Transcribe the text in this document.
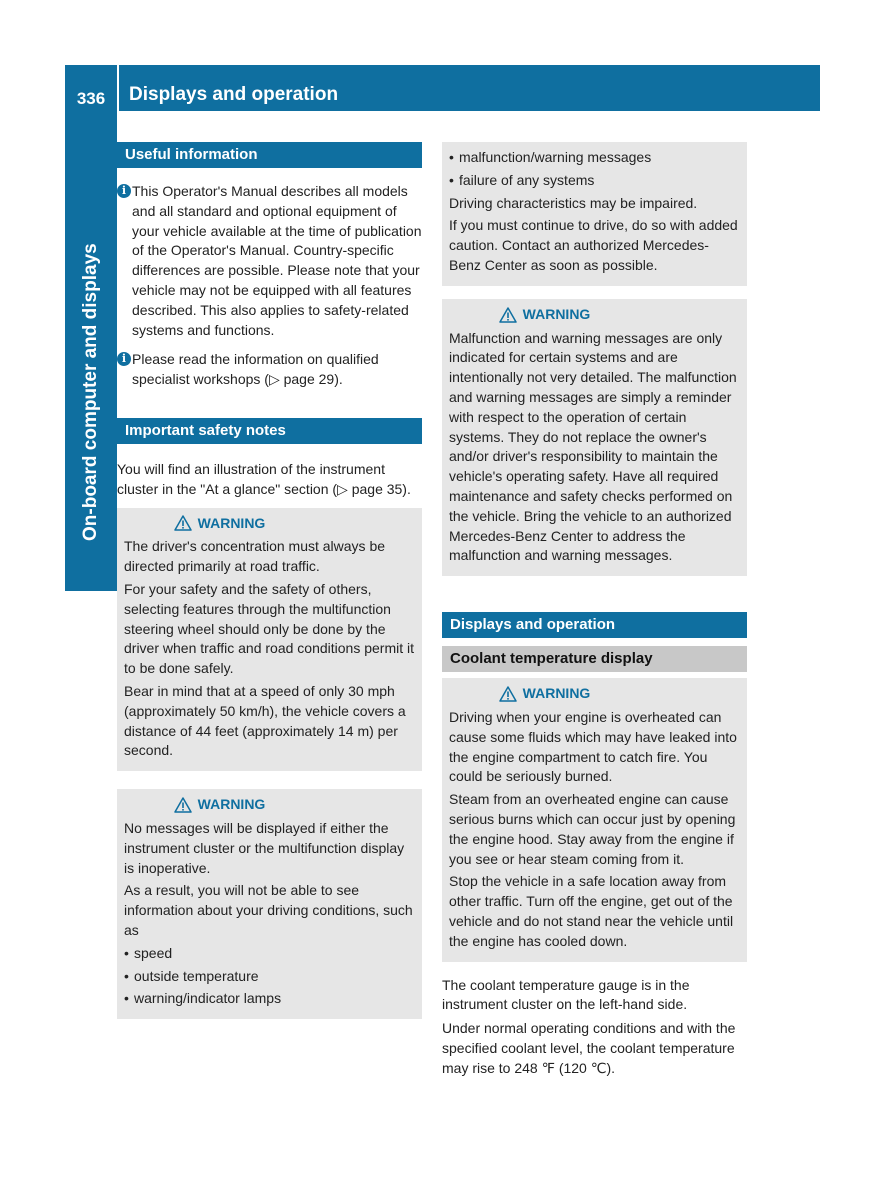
336	Displays and operation
On-board computer and displays
Useful information
i This Operator's Manual describes all models and all standard and optional equipment of your vehicle available at the time of publication of the Operator's Manual. Country-specific differences are possible. Please note that your vehicle may not be equipped with all features described. This also applies to safety-related systems and functions.

i Please read the information on qualified specialist workshops (▷ page 29).

Important safety notes

You will find an illustration of the instrument cluster in the "At a glance" section (▷ page 35).

WARNING

The driver's concentration must always be directed primarily at road traffic.

For your safety and the safety of others, selecting features through the multifunction steering wheel should only be done by the driver when traffic and road conditions permit it to be done safely.

Bear in mind that at a speed of only 30 mph (approximately 50 km/h), the vehicle covers a distance of 44 feet (approximately 14 m) per second.

WARNING

No messages will be displayed if either the instrument cluster or the multifunction display is inoperative.

As a result, you will not be able to see information about your driving conditions, such as

• speed

• outside temperature

• warning/indicator lamps

• malfunction/warning messages

• failure of any systems

Driving characteristics may be impaired.

If you must continue to drive, do so with added caution. Contact an authorized Mercedes-Benz Center as soon as possible.

WARNING

Malfunction and warning messages are only indicated for certain systems and are intentionally not very detailed. The malfunction and warning messages are simply a reminder with respect to the operation of certain systems. They do not replace the owner's and/or driver's responsibility to maintain the vehicle's operating safety. Have all required maintenance and safety checks performed on the vehicle. Bring the vehicle to an authorized Mercedes-Benz Center to address the malfunction and warning messages.

Displays and operation
Coolant temperature display
WARNING

Driving when your engine is overheated can cause some fluids which may have leaked into the engine compartment to catch fire. You could be seriously burned.

Steam from an overheated engine can cause serious burns which can occur just by opening the engine hood. Stay away from the engine if you see or hear steam coming from it.

Stop the vehicle in a safe location away from other traffic. Turn off the engine, get out of the vehicle and do not stand near the vehicle until the engine has cooled down.

The coolant temperature gauge is in the instrument cluster on the left-hand side.

Under normal operating conditions and with the specified coolant level, the coolant temperature may rise to 248 ℉ (120 ℃).
